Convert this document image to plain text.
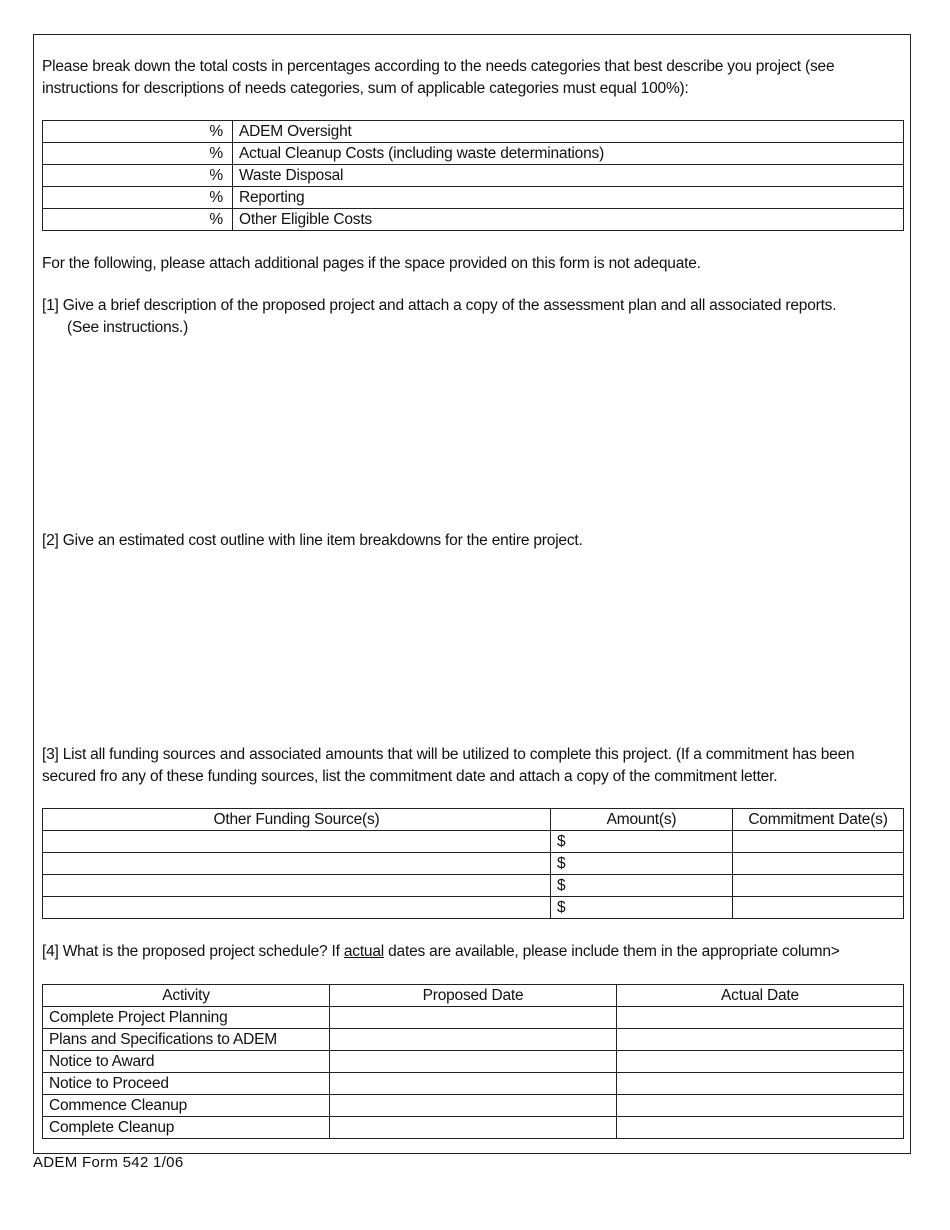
Please break down the total costs in percentages according to the needs categories that best describe you project (see
instructions for descriptions of needs categories, sum of applicable categories must equal 100%):
%	ADEM Oversight
%	Actual Cleanup Costs (including waste determinations)
%	Waste Disposal
%	Reporting
%	Other Eligible Costs
For the following, please attach additional pages if the space provided on this form is not adequate.
[1] Give a brief description of the proposed project and attach a copy of the assessment plan and all associated reports.
(See instructions.)
[2] Give an estimated cost outline with line item breakdowns for the entire project.
[3] List all funding sources and associated amounts that will be utilized to complete this project. (If a commitment has been
secured fro any of these funding sources, list the commitment date and attach a copy of the commitment letter.
Other Funding Source(s)	Amount(s)	Commitment Date(s)
	$	
	$	
	$	
	$	
[4] What is the proposed project schedule? If actual dates are available, please include them in the appropriate column>
Activity	Proposed Date	Actual Date
Complete Project Planning		
Plans and Specifications to ADEM		
Notice to Award		
Notice to Proceed		
Commence Cleanup		
Complete Cleanup		
ADEM Form 542 1/06
